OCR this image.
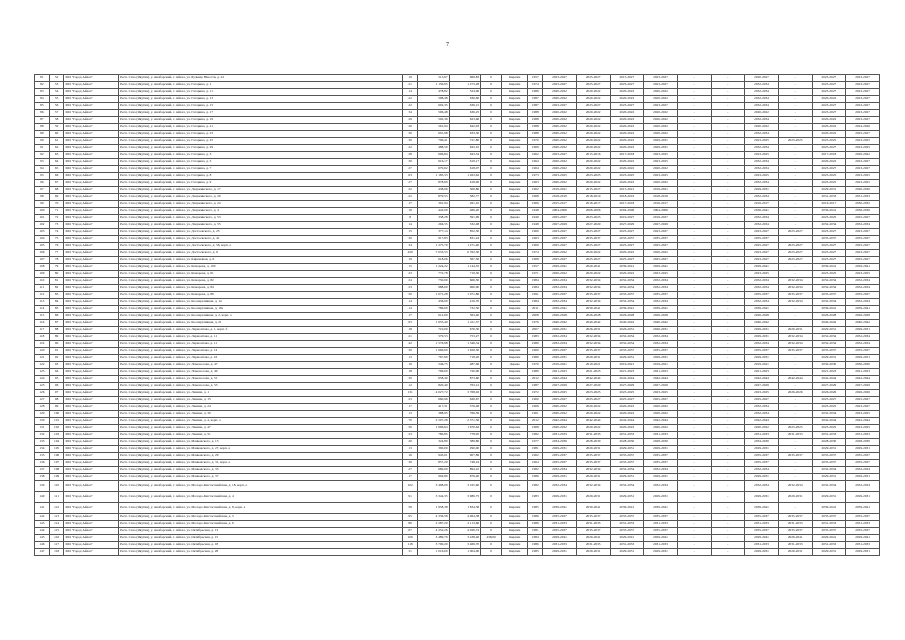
7
81	52	МО "Город Айхал"	Респ. Саха (Якутия), у. Анабарский, г. Айхал, ул. Бульвар Юности, д. 22	19	513,67	669,83	0	Кирпич	1957	2023-2027	2025-2027	2015-2027	2023-2027	-	-	2020-2027	-	2023-2027	2023-2027
82	53	МО "Город Айхал"	Респ. Саха (Якутия), у. Анабарский, г. Айхал, ул. Гагарина, д. 1	21	1 159,95	1 273,28	0	Кирпич	1974	2023-2027	2025-2027	2023-2027	2023-2027	-	-	2032-2034	-	2023-2027	2023-2027
83	54	МО "Город Айхал"	Респ. Саха (Якутия), у. Анабарский, г. Айхал, ул. Гагарина, д. 11	14	478,82	524,06	0	Кирпич	1986	2020-2022	2020-2022	2020-2022	2020-2022	-	-	2032-2034	-	2023-2027	2023-2027
84	55	МО "Город Айхал"	Респ. Саха (Якутия), у. Анабарский, г. Айхал, ул. Гагарина, д. 13	22	598,48	636,60	0	Кирпич	1987	2020-2022	2020-2022	2020-2022	2020-2022	-	-	2032-2034	-	2020-2022	2023-2027
85	56	МО "Город Айхал"	Респ. Саха (Якутия), у. Анабарский, г. Айхал, ул. Гагарина, д. 15	22	602,35	636,15	0	Кирпич	1987	2023-2027	2023-2027	2023-2027	2023-2027	-	-	2032-2034	-	2023-2027	2023-2027
86	57	МО "Город Айхал"	Респ. Саха (Якутия), у. Анабарский, г. Айхал, ул. Гагарина, д. 17	34	596,48	636,25	0	Кирпич	1988	2020-2022	2020-2022	2020-2022	2020-2022	-	-	2020-2022	-	2023-2027	2023-2027
87	58	МО "Город Айхал"	Респ. Саха (Якутия), у. Анабарский, г. Айхал, ул. Гагарина, д. 19	29	592,36	623,66	0	Кирпич	1988	2020-2022	2020-2022	2020-2022	2020-2022	-	-	2032-2034	-	2020-2022	2023-2027
88	59	МО "Город Айхал"	Респ. Саха (Якутия), у. Анабарский, г. Айхал, ул. Гагарина, д. 21	26	591,94	642,93	0	Кирпич	1988	2020-2022	2020-2022	2020-2022	2020-2022	-	-	2020-2022	-	2020-2022	2024-2026
89	60	МО "Город Айхал"	Респ. Саха (Якутия), у. Анабарский, г. Айхал, ул. Гагарина, д. 23	30	601,98	633,30	0	Кирпич	1988	2020-2022	2020-2022	2020-2022	2020-2022	-	-	2032-2034	-	2020-2022	2025-2027
90	61	МО "Город Айхал"	Респ. Саха (Якутия), у. Анабарский, г. Айхал, ул. Гагарина, д. 25	30	706,41	721,80	0	Кирпич	1970	2020-2022	2020-2022	2020-2022	2029-2031	-	-	2023-2025	2023-2025	2023-2025	2023-2025
91	62	МО "Город Айхал"	Респ. Саха (Якутия), у. Анабарский, г. Айхал, ул. Гагарина, д. 29	22	488,50	643,10	0	Кирпич	1969	2020-2022	2020-2022	2020-2022	2029-2031	-	-	2032-2034	-	2025-2027	2023-2025
92	63	МО "Город Айхал"	Респ. Саха (Якутия), у. Анабарский, г. Айхал, ул. Гагарина, д. 3	28	606,84	643,54	0	Кирпич	1962	2023-2027	2015-2016	2017-2018	2023-2025	-	-	2023-2025	-	2017-2018	2020-2022
93	64	МО "Город Айхал"	Респ. Саха (Якутия), у. Анабарский, г. Айхал, ул. Гагарина, д. 5	30	616,17	619,17	0	Кирпич	1964	2020-2022	2020-2022	2020-2022	2023-2025	-	-	2032-2034	-	2020-2022	2023-2027
94	65	МО "Город Айхал"	Респ. Саха (Якутия), у. Анабарский, г. Айхал, ул. Гагарина, д. 7	27	670,62	618,07	0	Кирпич	1964	2020-2022	2020-2022	2020-2022	2020-2022	-	-	2032-2034	-	2023-2027	2023-2027
95	66	МО "Город Айхал"	Респ. Саха (Якутия), у. Анабарский, г. Айхал, ул. Гагарина, д. 8	63	1 183,33	1 263,62	0	Кирпич	1973	2023-2025	2023-2025	2023-2025	2023-2025	-	-	2023-2025	-	2023-2025	2023-2025
96	67	МО "Город Айхал"	Респ. Саха (Якутия), у. Анабарский, г. Айхал, ул. Гагарина, д. 9	27	878,60	618,00	0	Кирпич	1963	2020-2022	2020-2022	2020-2022	2020-2022	-	-	2032-2034	-	2023-2025	2023-2025
97	68	МО "Город Айхал"	Респ. Саха (Якутия), у. Анабарский, г. Айхал, ул. Дзержинского, д. 17	22	438,06	506,80	0	Кирпич	1962	2019-2021	2015-2027	2015-2021	2019-2021	-	-	2029-2031	-	2029-2031	2020-2030
98	69	МО "Город Айхал"	Респ. Саха (Якутия), у. Анабарский, г. Айхал, ул. Дзержинского, д. 20	22	879,53	582,77	0	Дерево	1968	2018-2019	2018-2019	2018-2019	2018-2019	-	-	2032-2034	-	2031-2033	2031-2033
99	70	МО "Город Айхал"	Респ. Саха (Якутия), у. Анабарский, г. Айхал, ул. Дзержинского, д. 24	17	391,94	261,10	0	Дерево	1966	2015-2017	2016-2017	2017-2018	2016-2017	-	-	2016-2017	-	2016-2017	2030-2032
100	71	МО "Город Айхал"	Респ. Саха (Якутия), у. Анабарский, г. Айхал, ул. Дзержинского, д. 4	16	442,09	466,20	0	Кирпич	1948	2004-2006	2006-2006	2004-2006	2004-2006	-	-	2036-2041	-	2036-2041	2036-2036
101	72	МО "Город Айхал"	Респ. Саха (Якутия), у. Анабарский, г. Айхал, ул. Дзержинского, д. 53	8	338,28	391,99	0	Дерево	1949	2025-2027	2023-2025	2019-2027	2019-2027	-	-	2032-2034	-	2023-2025	2025-2027
102	73	МО "Город Айхал"	Респ. Саха (Якутия), у. Анабарский, г. Айхал, ул. Дзержинского, д. 55	14	294,55	332,48	0	Дерево	1948	2027-2029	2027-2029	2027-2029	2027-2029	-	-	2032-2034	-	2032-2034	2032-2034
103	74	МО "Город Айхал"	Респ. Саха (Якутия), у. Анабарский, г. Айхал, ул. Достоевского, д. 25	15	377,14	852,30	0	Кирпич	1960	2023-2027	2023-2027	2023-2027	2023-2027	-	-	2023-2027	2023-2027	2023-2027	2023-2027
104	75	МО "Город Айхал"	Респ. Саха (Якутия), у. Анабарский, г. Айхал, ул. Достоевского, д. 41	30	917,83	831,24	0	Кирпич	1963	2035-2037	2035-2037	2035-2037	2035-2037	-	-	2035-2037	-	2035-2037	2035-2037
105	76	МО "Город Айхал"	Респ. Саха (Якутия), у. Анабарский, г. Айхал, ул. Достоевского, д. 56, корп. а	34	1 275,70	1 271,40	0	Кирпич	1969	2025-2027	2025-2027	2025-2027	2025-2027	-	-	2025-2027	2023-2027	2025-2027	2025-2027
106	77	МО "Город Айхал"	Респ. Саха (Якутия), у. Анабарский, г. Айхал, ул. Достоевского, д. 6	220	7 033,53	6 762,30	0	Кирпич	1974	2020-2022	2020-2022	2020-2022	2020-2022	-	-	2023-2027	2023-2027	2023-2027	2023-2027
107	78	МО "Город Айхал"	Респ. Саха (Якутия), у. Анабарский, г. Айхал, ул. Кирпичная, д. 6	19	618,06	567,30	0	Кирпич	1968	2025-2027	2025-2027	2025-2027	2025-2027	-	-	2023-2027	2023-2027	2023-2027	2025-2027
108	79	МО "Город Айхал"	Респ. Саха (Якутия), у. Анабарский, г. Айхал, ул. Комарова, д. 100	15	1 224,22	1 144,35	0	Кирпич	1957	2029-2041	2029-2041	2039-2041	2029-2041	-	-	2029-2041	-	2039-2041	2029-2041
109	80	МО "Город Айхал"	Респ. Саха (Якутия), у. Анабарский, г. Айхал, ул. Комарова, д. 61	23	772,78	719,30	0	Кирпич	1971	2020-2022	2020-2022	2020-2022	2023-2025	-	-	2023-2025	-	2023-2025	2023-2025
110	81	МО "Город Айхал"	Респ. Саха (Якутия), у. Анабарский, г. Айхал, ул. Комарова, д. 82	24	750,00	666,30	0	Кирпич	1984	2032-2034	2032-2034	2032-2034	2032-2034	-	-	2032-2034	2032-2034	2032-2034	2032-2034
111	82	МО "Город Айхал"	Респ. Саха (Якутия), у. Анабарский, г. Айхал, ул. Комарова, д. 84	23	988,00	960,00	0	Кирпич	1984	2032-2034	2032-2034	2032-2034	2032-2034	-	-	2032-2034	2032-2034	2032-2034	2032-2034
112	83	МО "Город Айхал"	Респ. Саха (Якутия), у. Анабарский, г. Айхал, ул. Комарова, д. 86	50	1 071,28	1 071,86	0	Кирпич	1991	2035-2037	2035-2037	2035-2037	2035-2037	-	-	2035-2037	2035-2037	2035-2037	2035-2037
113	84	МО "Город Айхал"	Респ. Саха (Якутия), у. Анабарский, г. Айхал, ул. Кооперативная, д. 14	14	436,00	419,70	0	Кирпич	1984	2032-2034	2032-2034	2032-2034	2032-2034	-	-	2032-2034	2032-2034	2032-2034	2032-2034
114	85	МО "Город Айхал"	Респ. Саха (Якутия), у. Анабарский, г. Айхал, ул. Кооперативная, д. 19а	14	786,00	732,50	0	Кирпич	2011	2039-2041	2039-2041	2039-2041	2039-2041	-	-	2039-2041	-	2039-2041	2039-2041
115	86	МО "Город Айхал"	Респ. Саха (Якутия), у. Анабарский, г. Айхал, ул. Кооперативная, д. 2, корп. а	17	612,00	563,40	0	Кирпич	2008	2026-2028	2026-2028	2026-2028	2026-2028	-	-	2026-2028	-	2026-2028	2026-2028
116	87	МО "Город Айхал"	Респ. Саха (Якутия), у. Анабарский, г. Айхал, ул. Кооперативная, д. 21	63	1 655,40	1 411,37	0	Кирпич	1976	2040-2042	2040-2042	2040-2042	2040-2042	-	-	2040-2042	-	2040-2042	2040-2042
117	88	МО "Город Айхал"	Респ. Саха (Якутия), у. Анабарский, г. Айхал, ул. Лермонтова, д. 1, корп. б	18	719,00	676,30	0	Кирпич	2007	2026-2031	2026-2031	2026-2031	2026-2031	-	-	2029-2031	2029-2031	2029-2031	2029-2031
118	89	МО "Город Айхал"	Респ. Саха (Якутия), у. Анабарский, г. Айхал, ул. Лермонтова, д. 11	21	579,53	753,27	0	Кирпич	1983	2032-2034	2032-2034	2032-2034	2032-2034	-	-	2029-2031	2032-2034	2032-2034	2032-2034
119	90	МО "Город Айхал"	Респ. Саха (Якутия), у. Анабарский, г. Айхал, ул. Лермонтова, д. 11	42	1 576,98	1 346,34	0	Кирпич	1980	2032-2034	2032-2034	2032-2034	2032-2034	-	-	2032-2034	2032-2034	2032-2034	2032-2034
120	91	МО "Город Айхал"	Респ. Саха (Якутия), у. Анабарский, г. Айхал, ул. Лермонтова, д. 14	30	1 666,00	1 629,30	0	Кирпич	1960	2035-2037	2035-2037	2035-2037	2035-2037	-	-	2035-2037	2035-2037	2035-2037	2035-2037
121	92	МО "Город Айхал"	Респ. Саха (Якутия), у. Анабарский, г. Айхал, ул. Лермонтова, д. 16	13	767,90	718,20	0	Кирпич	1980	2029-2031	2029-2031	2029-2031	2029-2031	-	-	2029-2031	-	2029-2031	2029-2031
122	93	МО "Город Айхал"	Респ. Саха (Якутия), у. Анабарский, г. Айхал, ул. Ломоносова, д. 47	19	546,75	487,06	0	Дерево	1970	2019-2021	2019-2021	2019-2021	2019-2021	-	-	2019-2021	-	2030-2030	2030-2030
123	94	МО "Город Айхал"	Респ. Саха (Якутия), у. Анабарский, г. Айхал, ул. Ломоносова, д. 49	18	796,00	720,00	0	Кирпич	1980	2021-2023	2021-2023	2021-2023	2021-2023	-	-	2021-2023	-	2021-2023	2021-2023
124	95	МО "Город Айхал"	Респ. Саха (Якутия), у. Анабарский, г. Айхал, ул. Ломоносова, д. 51	30	658,40	873,60	0	Кирпич	2012	2042-2044	2042-2044	2042-2044	2042-2044	-	-	2042-2044	2042-2044	2042-2044	2042-2044
125	96	МО "Город Айхал"	Респ. Саха (Якутия), у. Анабарский, г. Айхал, ул. Ломоносова, д. 53	12	820,40	763,12	0	Кирпич	1987	2027-2029	2027-2029	2027-2029	2027-2029	-	-	2027-2029	-	2027-2029	2027-2029
126	97	МО "Город Айхал"	Респ. Саха (Якутия), у. Анабарский, г. Айхал, ул. Ленина, д. 1	131	4 027,72	3 768,02	0	Кирпич	1972	2023-2025	2023-2025	2023-2025	2023-2025	-	-	2023-2025	2026-2026	2026-2026	2026-2026
127	98	МО "Город Айхал"	Респ. Саха (Якутия), у. Анабарский, г. Айхал, ул. Ленина, д. 15	23	660,96	626,67	0	Кирпич	1960	2025-2027	2025-2027	2025-2027	2025-2027	-	-	2025-2027	-	2025-2027	2025-2027
128	99	МО "Город Айхал"	Респ. Саха (Якутия), у. Анабарский, г. Айхал, ул. Ленина, д. 24	17	417,31	376,48	0	Кирпич	1966	2020-2022	2020-2022	2020-2022	2020-2022	-	-	2032-2034	-	2023-2025	2023-2027
129	100	МО "Город Айхал"	Респ. Саха (Якутия), у. Анабарский, г. Айхал, ул. Ленина, д. 30	13	388,95	766,39	0	Кирпич	1961	2020-2022	2020-2022	2020-2022	2020-2022	-	-	2032-2034	-	2032-2034	2023-2025
130	101	МО "Город Айхал"	Респ. Саха (Якутия), у. Анабарский, г. Айхал, ул. Ленина, д. 4, корп. а	70	2 507,28	2 371,36	0	Кирпич	2012	2042-2044	2042-2044	2042-2044	2042-2044	-	-	2042-2044	-	2042-2044	2042-2044
131	102	МО "Город Айхал"	Респ. Саха (Якутия), у. Анабарский, г. Айхал, ул. Ленина, д. 47	56	1 696,64	1 670,62	0	Кирпич	1968	2020-2022	2020-2022	2020-2022	2020-2022	-	-	2020-2022	2023-2025	2023-2025	2023-2025
132	103	МО "Город Айхал"	Респ. Саха (Якутия), у. Анабарский, г. Айхал, ул. Ленина, д. 51	23	780,85	778,95	0	Кирпич	1982	2031-2033	2031-2033	2031-2033	2031-2033	-	-	2031-2033	2031-2033	2031-2033	2031-2033
133	104	МО "Город Айхал"	Респ. Саха (Якутия), у. Анабарский, г. Айхал, ул. Маяковского, д. 13	20	324,80	389,80	0	Кирпич	1977	2034-2036	2028-2030	2028-2030	2028-2030	-	-	2034-2030	-	2028-2030	2028-2030
134	105	МО "Город Айхал"	Респ. Саха (Якутия), у. Анабарский, г. Айхал, ул. Маяковского, д. 27, корп. а	13	300,00	290,00	0	Кирпич	1981	2029-2031	2029-2031	2029-2031	2029-2031	-	-	2029-2031	-	2029-2031	2029-2031
135	106	МО "Город Айхал"	Респ. Саха (Якутия), у. Анабарский, г. Айхал, ул. Маяковского, д. 29	16	943,01	907,89	0	Кирпич	1962	2035-2037	2035-2037	2035-2037	2035-2037	-	-	2035-2037	2035-2037	2035-2037	2035-2037
136	107	МО "Город Айхал"	Респ. Саха (Якутия), у. Анабарский, г. Айхал, ул. Маяковского, д. 31, корп. а	36	857,20	748,24	0	Кирпич	1964	2035-2037	2035-2037	2035-2037	2035-2037	-	-	2035-2037	-	2035-2037	2035-2037
137	108	МО "Город Айхал"	Респ. Саха (Якутия), у. Анабарский, г. Айхал, ул. Маяковского, д. 33	27	680,00	894,10	0	Кирпич	1982	2032-2034	2032-2034	2032-2034	2032-2034	-	-	2032-2034	-	2032-2034	2032-2034
138	109	МО "Город Айхал"	Респ. Саха (Якутия), у. Анабарский, г. Айхал, ул. Маяковского, д. 37	17	904,80	876,40	0	Кирпич	1986	2029-2031	2029-2031	2029-2031	2029-2031	-	-	2029-2031	-	2029-2031	2029-2031
139	110	МО "Город Айхал"	Респ. Саха (Якутия), у. Анабарский, г. Айхал, ул. Молодо-Кистасскийская, д. 18, корп. а	102	3 408,00	3 165,60	0	Кирпич	1982	2032-2034	2032-2034	2032-2034	2032-2034	-	-	2032-2034	2032-2034	2032-2034	2032-2034
140	111	МО "Город Айхал"	Респ. Саха (Якутия), у. Анабарский, г. Айхал, ул. Молодо-Кистасскийская, д. 4	91	3 344,35	3 086,75	0	Кирпич	1983	2029-2031	2029-2031	2029-2031	2029-2031	-	-	2029-2031	2029-2031	2029-2031	2029-2031
141	112	МО "Город Айхал"	Респ. Саха (Якутия), у. Анабарский, г. Айхал, ул. Молодо-Кистасскийская, д. 8, корп. а	58	1 958,38	1 834,58	0	Кирпич	1985	2039-2041	2039-2041	2039-2041	2039-2041	-	-	2039-2041	-	2039-2041	2039-2041
142	113	МО "Город Айхал"	Респ. Саха (Якутия), у. Анабарский, г. Айхал, ул. Молодо-Кистасскийская, д. 5	95	4 336,58	4 064,38	0	Кирпич	1986	2035-2037	2035-2037	2035-2037	2035-2037	-	-	2035-2037	2035-2037	2035-2037	2035-2037
143	114	МО "Город Айхал"	Респ. Саха (Якутия), у. Анабарский, г. Айхал, ул. Молодо-Кистасскийская, д. 6	86	2 287,20	2 113,66	0	Кирпич	1986	2031-2033	2031-2033	2031-2033	2031-2033	-	-	2031-2033	2031-2033	2031-2033	2031-2033
144	115	МО "Город Айхал"	Респ. Саха (Якутия), у. Анабарский, г. Айхал, ул. Октябрьская, д. 13	67	4 252,26	4 026,74	0	Кирпич	1981	2035-2037	2035-2037	2035-2037	2035-2037	-	-	2035-2037	2035-2037	2035-2037	2035-2037
145	116	МО "Город Айхал"	Респ. Саха (Якутия), у. Анабарский, г. Айхал, ул. Октябрьская, д. 15	106	3 489,70	3 438,46	438,00	Кирпич	1984	2029-2041	2029-2041	2029-2041	2029-2041	-	-	2029-2041	2029-2041	2029-2041	2029-2041
146	117	МО "Город Айхал"	Респ. Саха (Якутия), у. Анабарский, г. Айхал, ул. Октябрьская, д. 18	118	3 700,20	3 469,70	0	Кирпич	1986	2031-2033	2031-2033	2031-2033	2031-2033	-	-	2031-2033	2031-2033	2031-2033	2031-2033
147	118	МО "Город Айхал"	Респ. Саха (Якутия), у. Анабарский, г. Айхал, ул. Октябрьская, д. 28	31	1 016,00	1 004,00	0	Кирпич	1985	2029-2031	2029-2031	2029-2031	2029-2031	-	-	2029-2031	2029-2031	2029-2031	2029-2031
